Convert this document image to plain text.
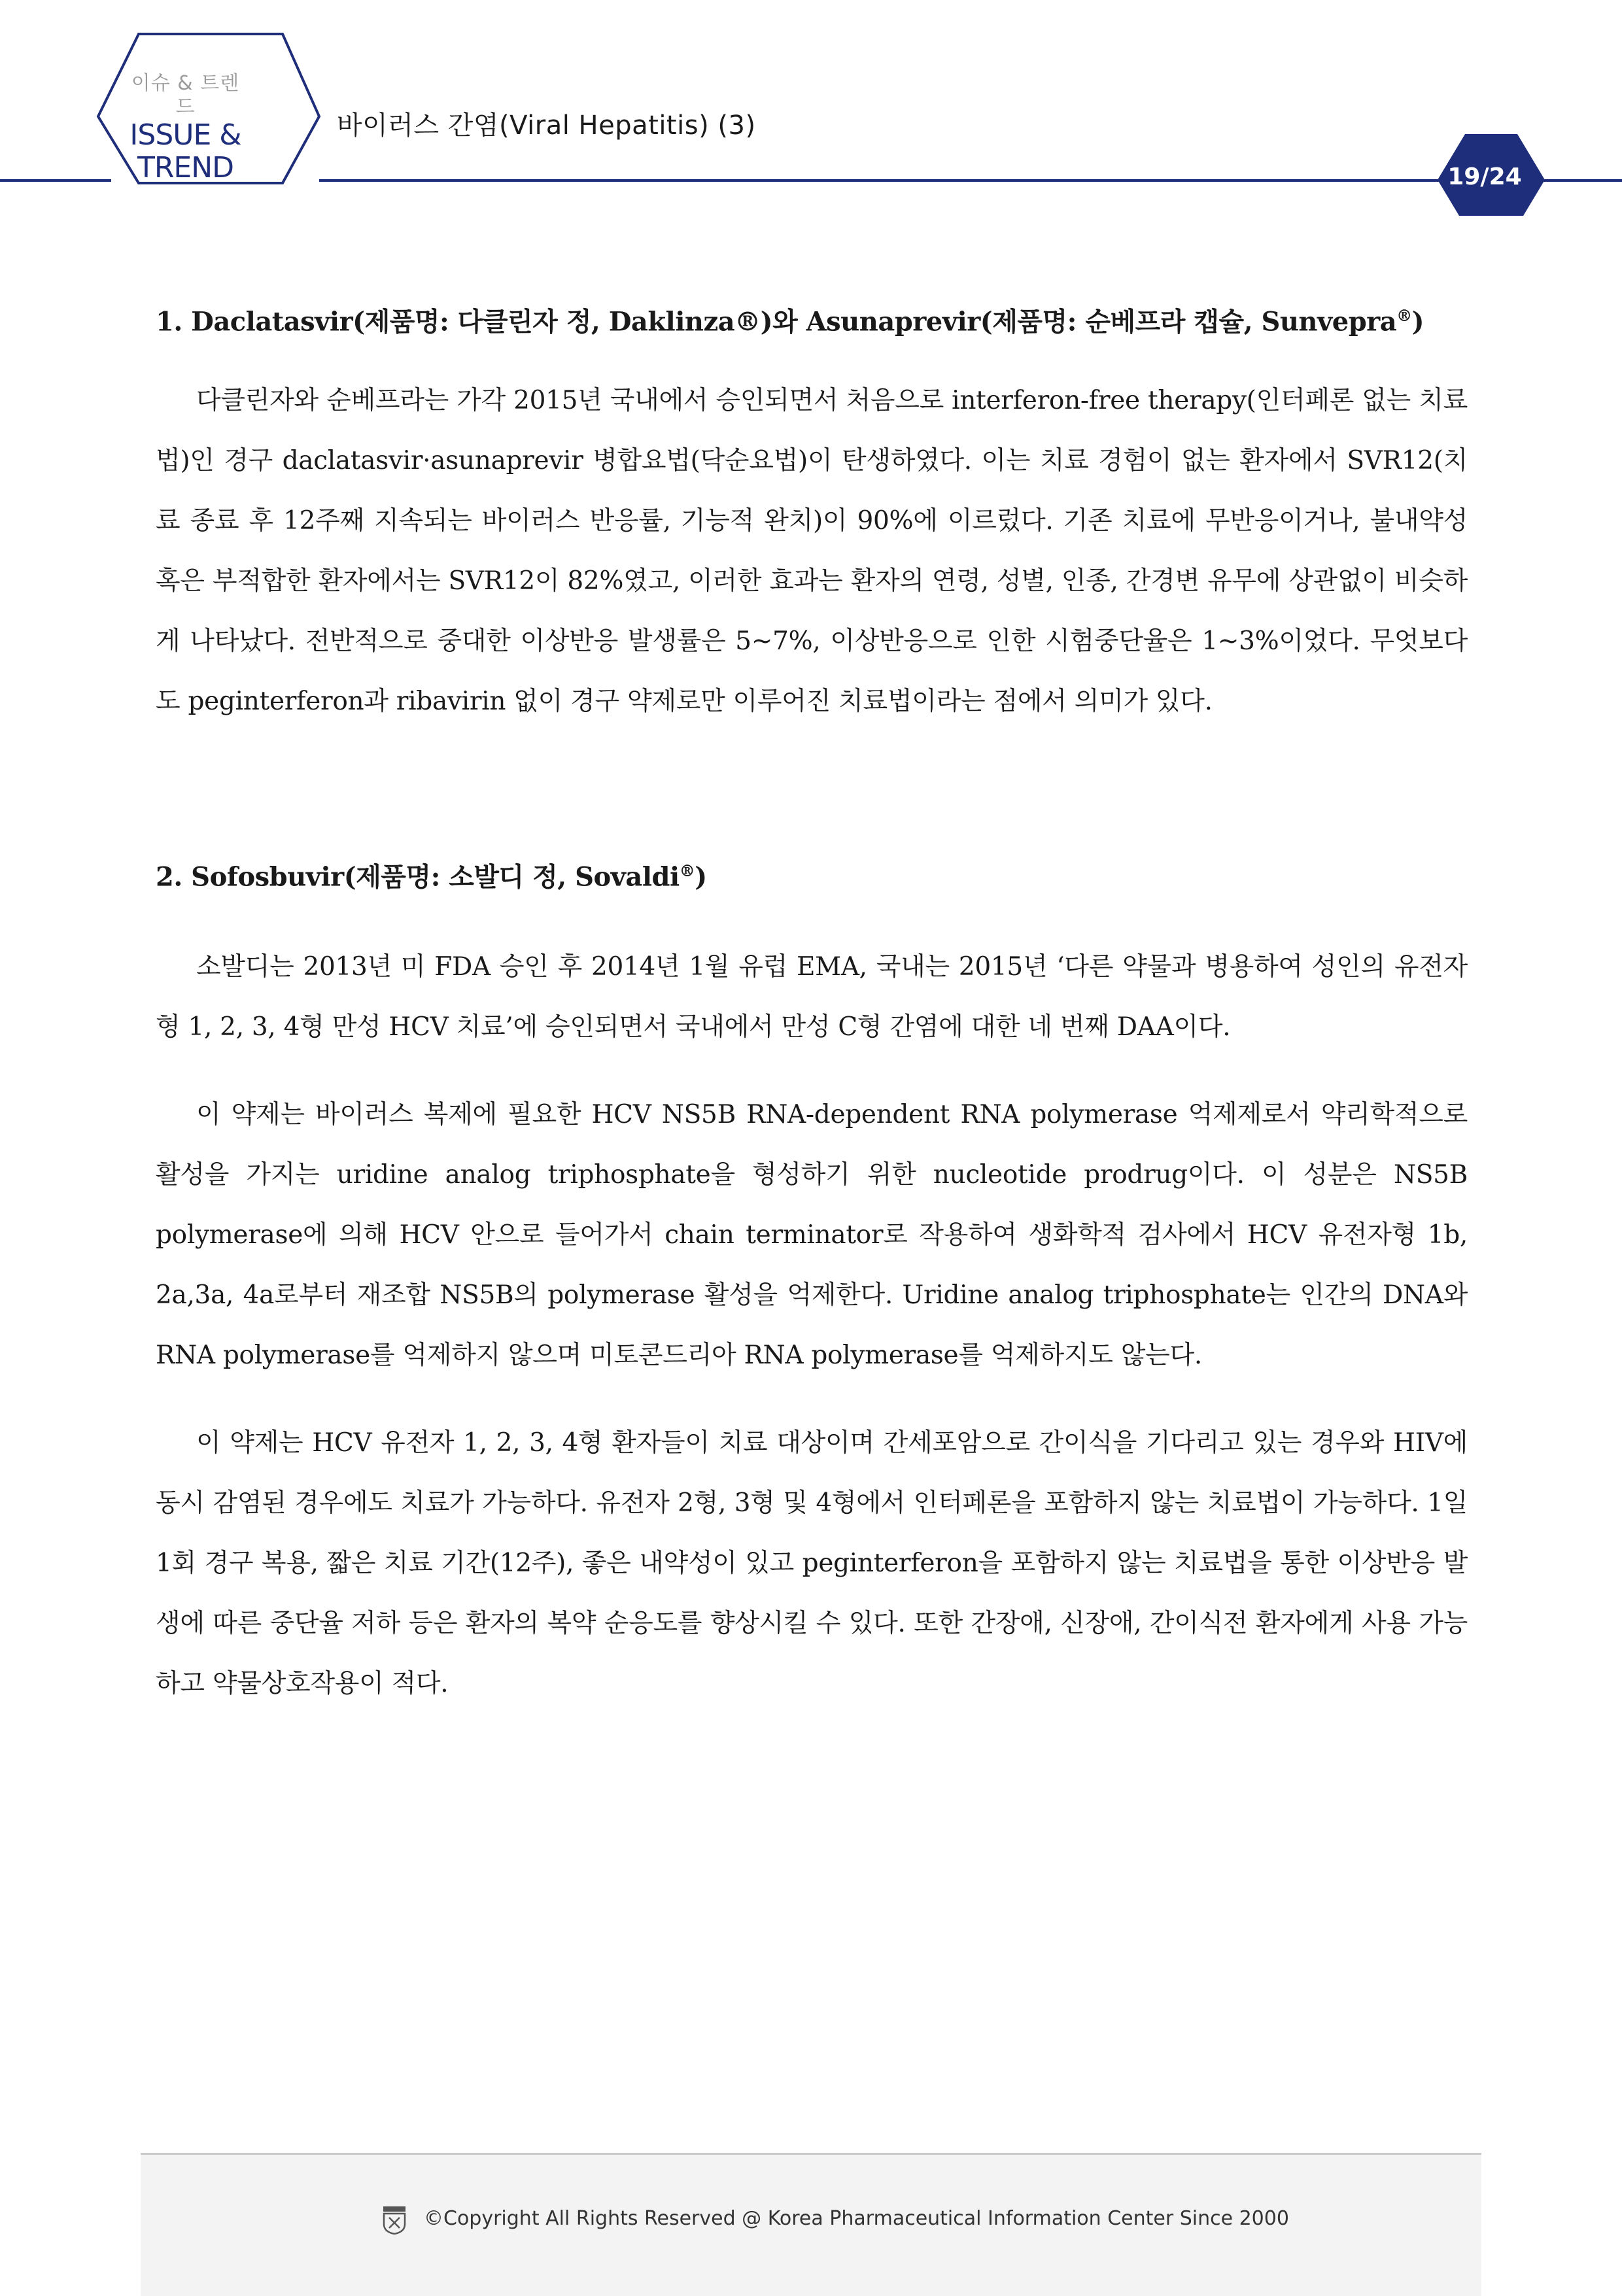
이슈 & 트렌드
ISSUE &
TREND
바이러스 간염(Viral Hepatitis) (3)
19/24
1. Daclatasvir(제품명: 다클린자 정, Daklinza®)와 Asunaprevir(제품명: 순베프라 캡슐, Sunvepra®)

다클린자와 순베프라는 가각 2015년 국내에서 승인되면서 처음으로 interferon-free therapy(인터페론 없는 치료법)인 경구 daclatasvir·asunaprevir 병합요법(닥순요법)이 탄생하였다. 이는 치료 경험이 없는 환자에서 SVR12(치료 종료 후 12주째 지속되는 바이러스 반응률, 기능적 완치)이 90%에 이르렀다. 기존 치료에 무반응이거나, 불내약성 혹은 부적합한 환자에서는 SVR12이 82%였고, 이러한 효과는 환자의 연령, 성별, 인종, 간경변 유무에 상관없이 비슷하게 나타났다. 전반적으로 중대한 이상반응 발생률은 5~7%, 이상반응으로 인한 시험중단율은 1~3%이었다. 무엇보다도 peginterferon과 ribavirin 없이 경구 약제로만 이루어진 치료법이라는 점에서 의미가 있다.

2. Sofosbuvir(제품명: 소발디 정, Sovaldi®)

소발디는 2013년 미 FDA 승인 후 2014년 1월 유럽 EMA, 국내는 2015년 ‘다른 약물과 병용하여 성인의 유전자형 1, 2, 3, 4형 만성 HCV 치료’에 승인되면서 국내에서 만성 C형 간염에 대한 네 번째 DAA이다.

이 약제는 바이러스 복제에 필요한 HCV NS5B RNA-dependent RNA polymerase 억제제로서 약리학적으로 활성을 가지는 uridine analog triphosphate을 형성하기 위한 nucleotide prodrug이다. 이 성분은 NS5B polymerase에 의해 HCV 안으로 들어가서 chain terminator로 작용하여 생화학적 검사에서 HCV 유전자형 1b, 2a,3a, 4a로부터 재조합 NS5B의 polymerase 활성을 억제한다. Uridine analog triphosphate는 인간의 DNA와 RNA polymerase를 억제하지 않으며 미토콘드리아 RNA polymerase를 억제하지도 않는다.

이 약제는 HCV 유전자 1, 2, 3, 4형 환자들이 치료 대상이며 간세포암으로 간이식을 기다리고 있는 경우와 HIV에 동시 감염된 경우에도 치료가 가능하다. 유전자 2형, 3형 및 4형에서 인터페론을 포함하지 않는 치료법이 가능하다. 1일 1회 경구 복용, 짧은 치료 기간(12주), 좋은 내약성이 있고 peginterferon을 포함하지 않는 치료법을 통한 이상반응 발생에 따른 중단율 저하 등은 환자의 복약 순응도를 향상시킬 수 있다. 또한 간장애, 신장애, 간이식전 환자에게 사용 가능하고 약물상호작용이 적다.

©Copyright All Rights Reserved @ Korea Pharmaceutical Information Center Since 2000
